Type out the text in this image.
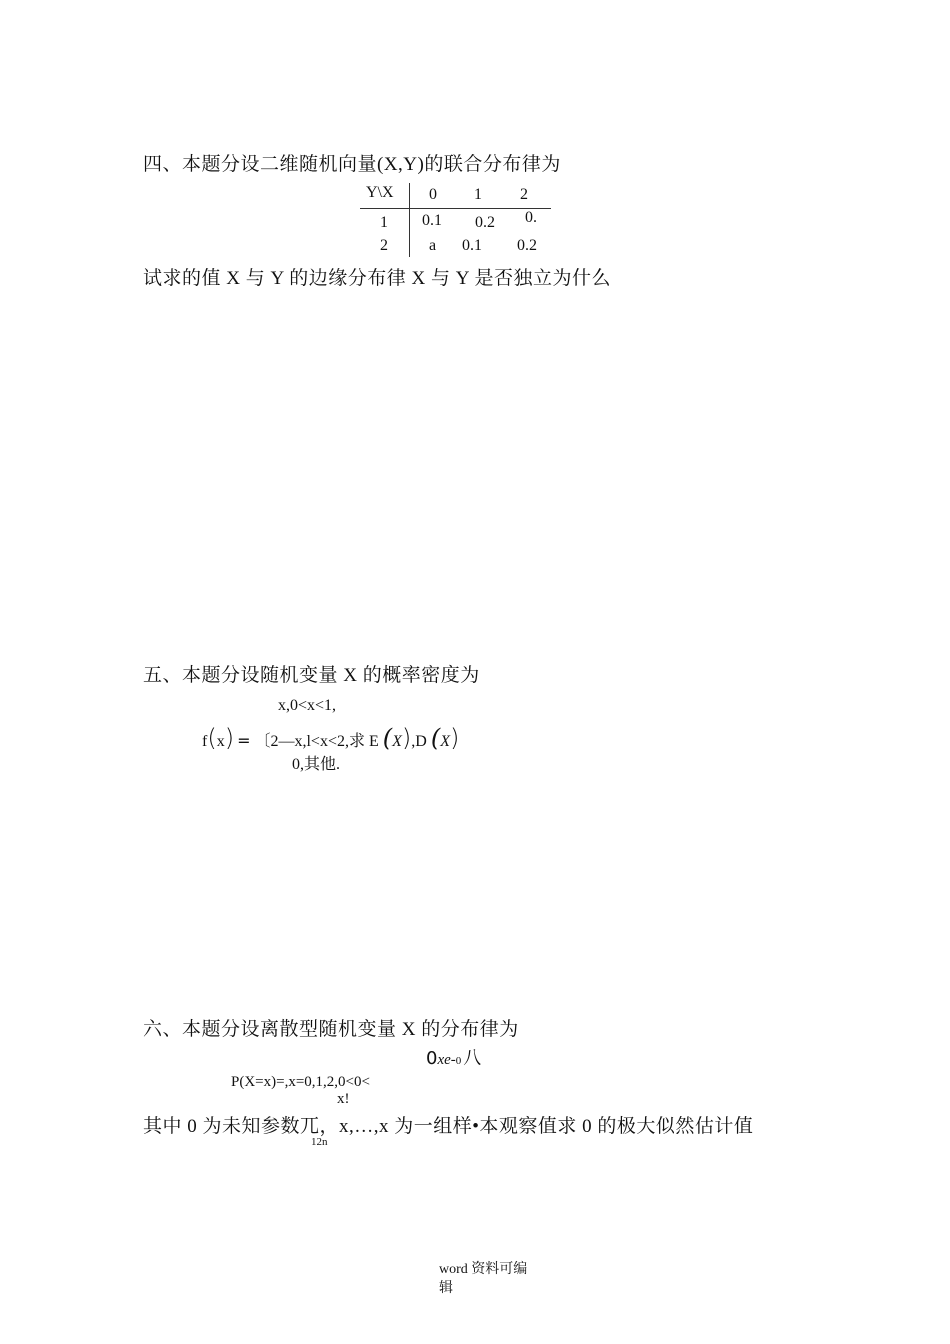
四、本题分设二维随机向量(X,Y)的联合分布律为
Y\X 0 1 2
1 0.1 0.2 0.
2	a 0.1 0.2
试求的值 X 与 Y 的边缘分布律 X 与 Y 是否独立为什么
五、本题分设随机变量 X 的概率密度为
x,0<x<1,
f(x) = 〔2—x,l<x<2,求 E (X),D (X)
0,其他.
六、本题分设离散型随机变量 X 的分布律为
0xe-0 八
P(X=x)=,x=0,1,2,0<0<
x!
其中 0 为未知参数兀，x,…,x 为一组样•本观察值求 0 的极大似然估计值
12n
word 资料可编
辑
